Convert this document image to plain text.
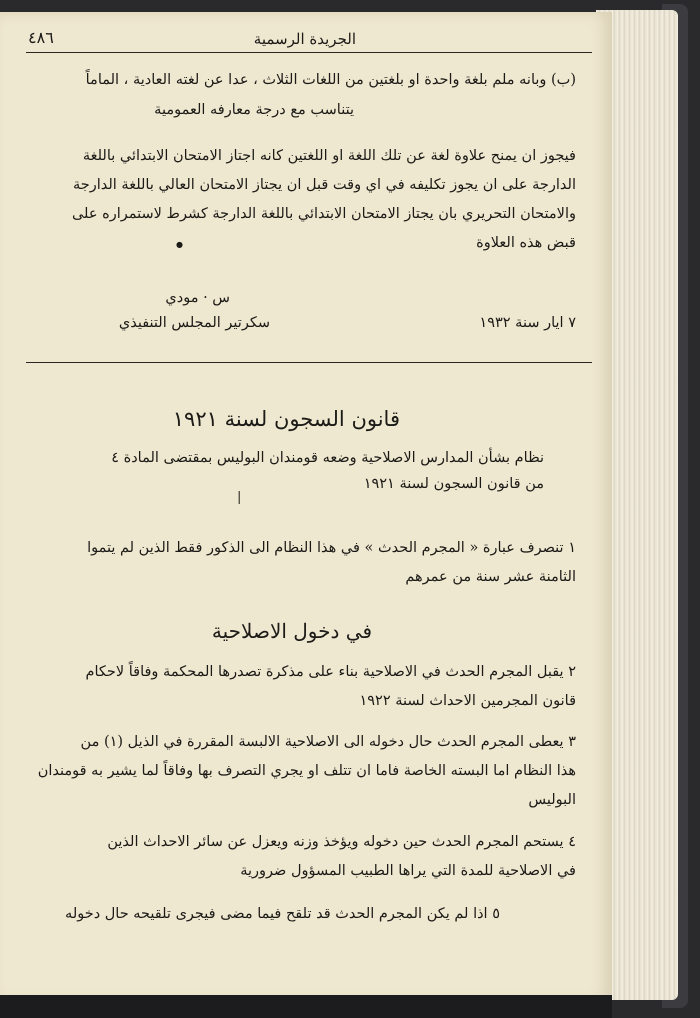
الجريدة الرسمية
٤٨٦
(ب) وبانه ملم بلغة واحدة او بلغتين من اللغات الثلاث ، عدا عن لغته العادية ، الماماً
يتناسب مع درجة معارفه العمومية
فيجوز ان يمنح علاوة لغة عن تلك اللغة او اللغتين كانه اجتاز الامتحان الابتدائي باللغة
الدارجة على ان يجوز تكليفه في اي وقت قبل ان يجتاز الامتحان العالي باللغة الدارجة
والامتحان التحريري بان يجتاز الامتحان الابتدائي باللغة الدارجة كشرط لاستمراره على
قبض هذه العلاوة
●
س · مودي
سكرتير المجلس التنفيذي	٧ ايار سنة ١٩٣٢
قانون السجون لسنة ١٩٢١
نظام بشأن المدارس الاصلاحية وضعه قومندان البوليس بمقتضى المادة ٤
من قانون السجون لسنة ١٩٢١
|
١ تنصرف عبارة « المجرم الحدث » في هذا النظام الى الذكور فقط الذين لم يتموا
الثامنة عشر سنة من عمرهم
في دخول الاصلاحية
٢ يقبل المجرم الحدث في الاصلاحية بناء على مذكرة تصدرها المحكمة وفاقاً لاحكام
قانون المجرمين الاحداث لسنة ١٩٢٢
٣ يعطى المجرم الحدث حال دخوله الى الاصلاحية الالبسة المقررة في الذيل (١) من
هذا النظام اما البسته الخاصة فاما ان تتلف او يجري التصرف بها وفاقاً لما يشير به قومندان
البوليس
٤ يستحم المجرم الحدث حين دخوله ويؤخذ وزنه ويعزل عن سائر الاحداث الذين
في الاصلاحية للمدة التي يراها الطبيب المسؤول ضرورية
٥ اذا لم يكن المجرم الحدث قد تلقح فيما مضى فيجرى تلقيحه حال دخوله
